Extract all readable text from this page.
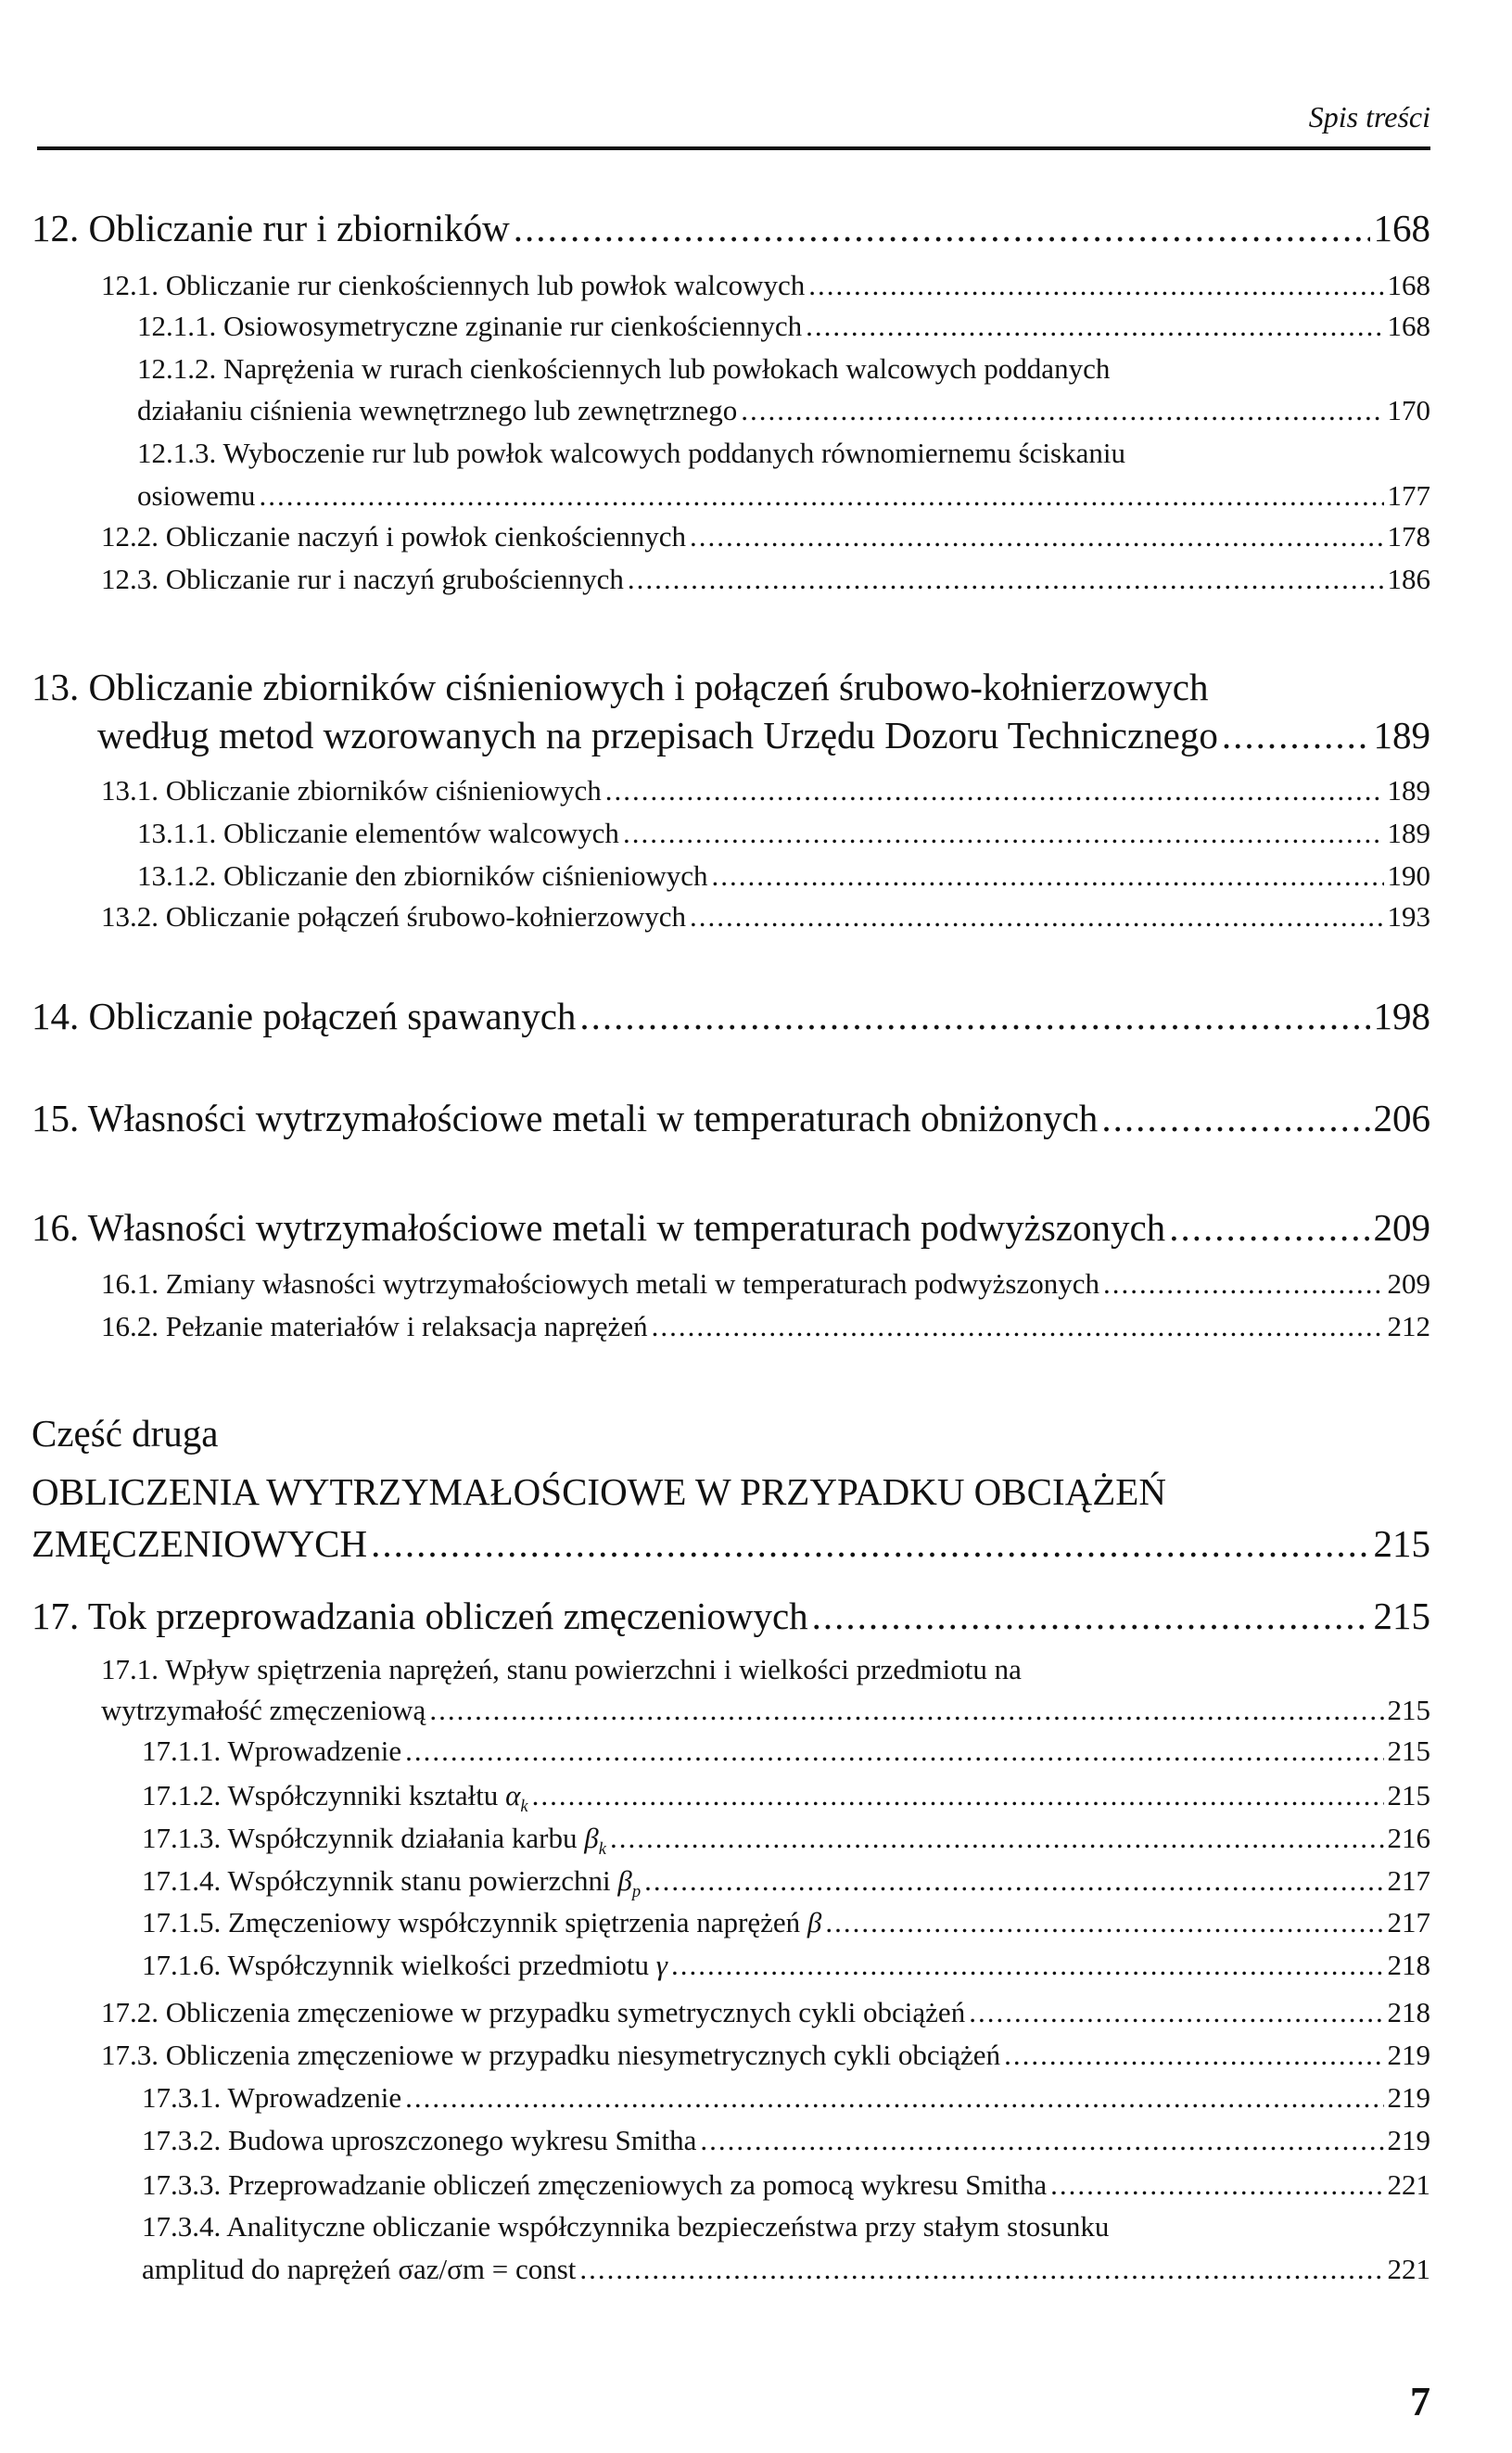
Spis treści
12. Obliczanie rur i zbiorników .....	168
12.1. Obliczanie rur cienkościennych lub powłok walcowych .....	168
12.1.1. Osiowosymetryczne zginanie rur cienkościennych .....	168
12.1.2. Naprężenia w rurach cienkościennych lub powłokach walcowych poddanych
działaniu ciśnienia wewnętrznego lub zewnętrznego .....	170
12.1.3. Wyboczenie rur lub powłok walcowych poddanych równomiernemu ściskaniu
osiowemu .....	177
12.2. Obliczanie naczyń i powłok cienkościennych .....	178
12.3. Obliczanie rur i naczyń grubościennych .....	186
13. Obliczanie zbiorników ciśnieniowych i połączeń śrubowo-kołnierzowych
według metod wzorowanych na przepisach Urzędu Dozoru Technicznego .....	189
13.1. Obliczanie zbiorników ciśnieniowych .....	189
13.1.1. Obliczanie elementów walcowych .....	189
13.1.2. Obliczanie den zbiorników ciśnieniowych .....	190
13.2. Obliczanie połączeń śrubowo-kołnierzowych .....	193
14. Obliczanie połączeń spawanych .....	198
15. Własności wytrzymałościowe metali w temperaturach obniżonych .....	206
16. Własności wytrzymałościowe metali w temperaturach podwyższonych .....	209
16.1. Zmiany własności wytrzymałościowych metali w temperaturach podwyższonych .....	209
16.2. Pełzanie materiałów i relaksacja naprężeń .....	212
Część druga
OBLICZENIA WYTRZYMAŁOŚCIOWE W PRZYPADKU OBCIĄŻEŃ
ZMĘCZENIOWYCH .....	215
17. Tok przeprowadzania obliczeń zmęczeniowych .....	215
17.1. Wpływ spiętrzenia naprężeń, stanu powierzchni i wielkości przedmiotu na
wytrzymałość zmęczeniową .....	215
17.1.1. Wprowadzenie .....	215
17.1.2. Współczynniki kształtu $\alpha_k$ .....	215
17.1.3. Współczynnik działania karbu $\beta_k$ .....	216
17.1.4. Współczynnik stanu powierzchni $\beta_p$ .....	217
17.1.5. Zmęczeniowy współczynnik spiętrzenia naprężeń β .....	217
17.1.6. Współczynnik wielkości przedmiotu γ .....	218
17.2. Obliczenia zmęczeniowe w przypadku symetrycznych cykli obciążeń .....	218
17.3. Obliczenia zmęczeniowe w przypadku niesymetrycznych cykli obciążeń .....	219
17.3.1. Wprowadzenie .....	219
17.3.2. Budowa uproszczonego wykresu Smitha .....	219
17.3.3. Przeprowadzanie obliczeń zmęczeniowych za pomocą wykresu Smitha .....	221
17.3.4. Analityczne obliczanie współczynnika bezpieczeństwa przy stałym stosunku
amplitud do naprężeń σaz/σm = const .....	221
7
